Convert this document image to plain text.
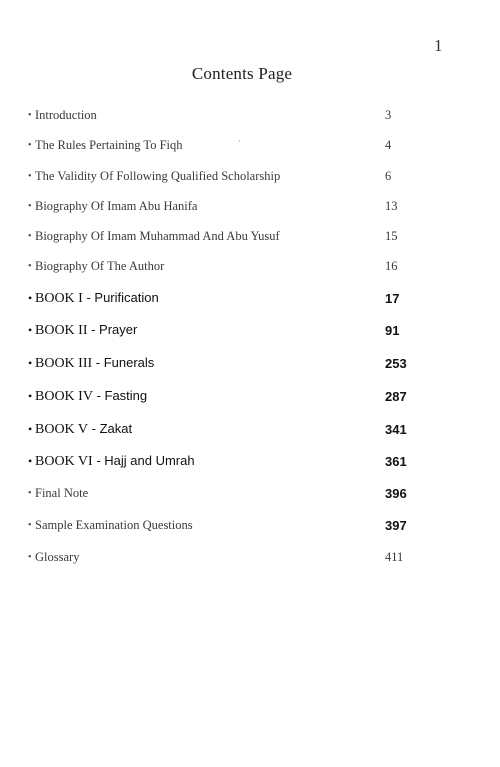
1
Contents Page
`
• Introduction	3
• The Rules Pertaining To Fiqh	4
• The Validity Of Following Qualified Scholarship	6
• Biography Of Imam Abu Hanifa	13
• Biography Of Imam Muhammad And Abu Yusuf	15
• Biography Of The Author	16
• BOOK I - Purification	17
• BOOK II - Prayer	91
• BOOK III - Funerals	253
• BOOK IV - Fasting	287
• BOOK V - Zakat	341
• BOOK VI - Hajj and Umrah	361
• Final Note	396
• Sample Examination Questions	397
• Glossary	411
